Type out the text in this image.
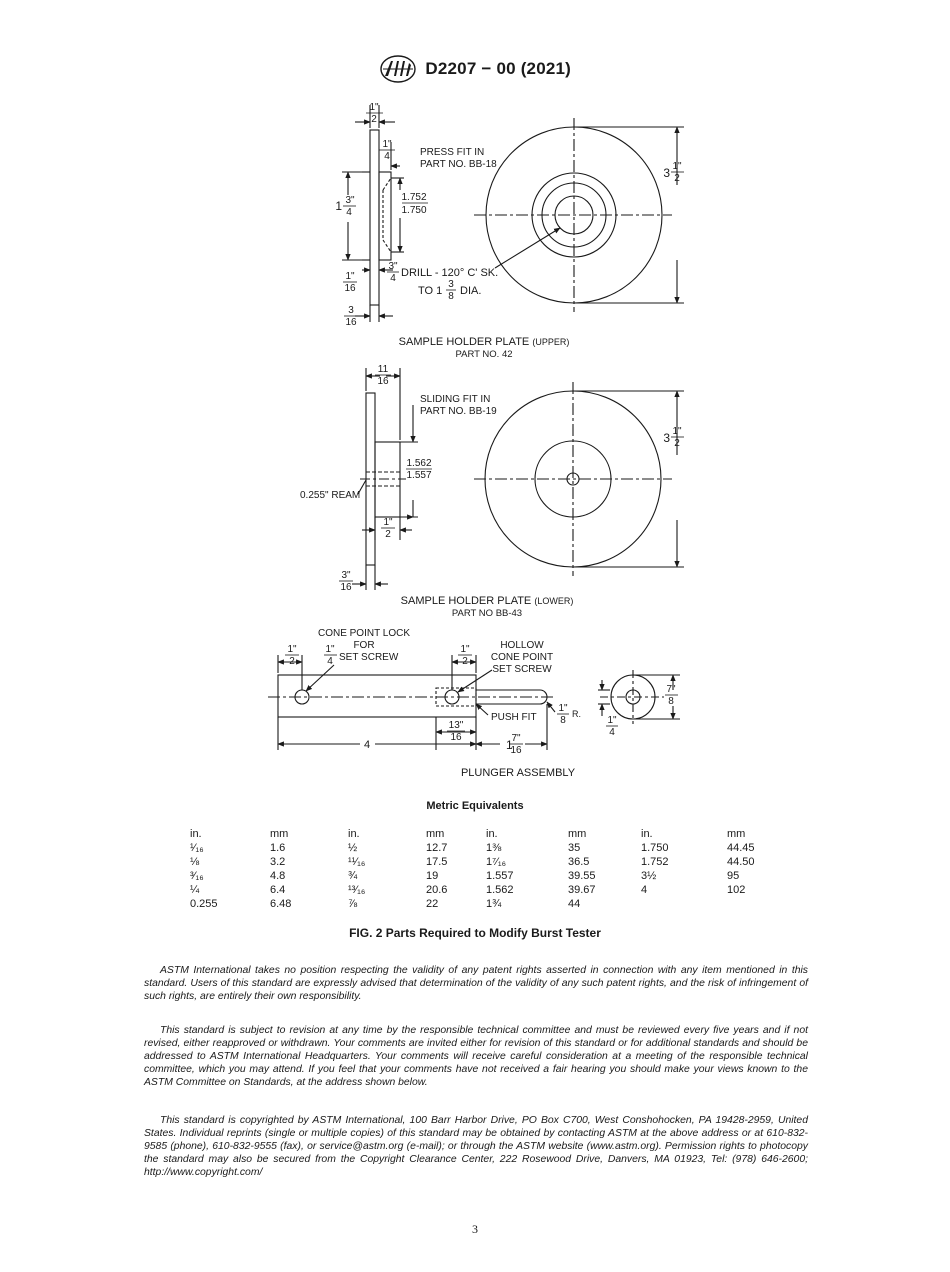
D2207 − 00 (2021)
1"
2
1"
4	PRESS FIT IN
PART NO. BB-18
1 3"
4
1.752
1.750
1"
16
3"
4 DRILL - 120° C' SK.
TO 1
3
8 DIA.
3
16
3 1"
2
SAMPLE HOLDER PLATE (UPPER)
PART NO. 42
11
16
SLIDING FIT IN
PART NO. BB-19
1.562
1.557
0.255" REAM
1"
2
3"
16
3 1"
2
SAMPLE HOLDER PLATE (LOWER)
PART NO BB-43
CONE POINT LOCK
FOR
1"
4 SET SCREW
1"
2
1"
2
HOLLOW
CONE POINT
SET SCREW
PUSH FIT
1"
8
R.
13"
16
4	1
7"
16
7"
8
1"
4
PLUNGER ASSEMBLY
Metric Equivalents
in.	mm	in.	mm	in.	mm	in.	mm
¹⁄₁₆	1.6	½	12.7	1⅜	35	1.750	44.45
⅛	3.2	¹¹⁄₁₆	17.5	1⁷⁄₁₆	36.5	1.752	44.50
³⁄₁₆	4.8	¾	19	1.557	39.55	3½	95
¼	6.4	¹³⁄₁₆	20.6	1.562	39.67	4	102
0.255	6.48	⅞	22	1¾	44		
FIG. 2 Parts Required to Modify Burst Tester

ASTM International takes no position respecting the validity of any patent rights asserted in connection with any item mentioned in this standard. Users of this standard are expressly advised that determination of the validity of any such patent rights, and the risk of infringement of such rights, are entirely their own responsibility.

This standard is subject to revision at any time by the responsible technical committee and must be reviewed every five years and if not revised, either reapproved or withdrawn. Your comments are invited either for revision of this standard or for additional standards and should be addressed to ASTM International Headquarters. Your comments will receive careful consideration at a meeting of the responsible technical committee, which you may attend. If you feel that your comments have not received a fair hearing you should make your views known to the ASTM Committee on Standards, at the address shown below.

This standard is copyrighted by ASTM International, 100 Barr Harbor Drive, PO Box C700, West Conshohocken, PA 19428-2959, United States. Individual reprints (single or multiple copies) of this standard may be obtained by contacting ASTM at the above address or at 610-832-9585 (phone), 610-832-9555 (fax), or service@astm.org (e-mail); or through the ASTM website (www.astm.org). Permission rights to photocopy the standard may also be secured from the Copyright Clearance Center, 222 Rosewood Drive, Danvers, MA 01923, Tel: (978) 646-2600; http://www.copyright.com/

3
